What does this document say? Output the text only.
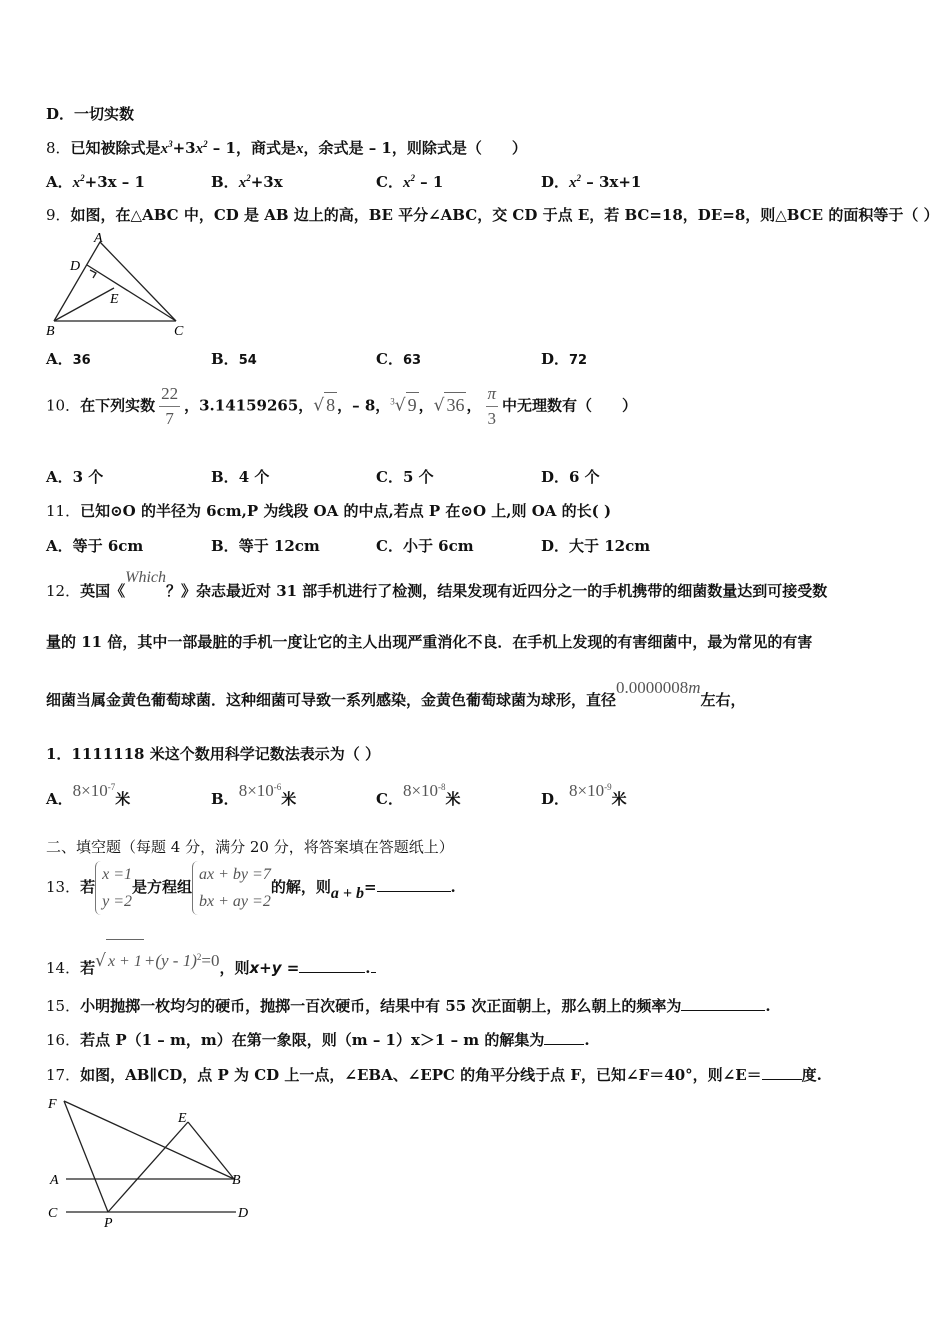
D．一切实数
8．已知被除式是$x^3+3x^2 - 1$，商式是x，余式是 – 1，则除式是（　　）
A．$x^2+3x - 1$	B．$x^2+3x$	C．$x^2 - 1$	D．$x^2 - 3x+1$
9．如图，在△ABC 中，CD 是 AB 边上的高，BE 平分∠ABC，交 CD 于点 E，若 BC=18，DE=8，则△BCE 的面积等于（ ）
A
D
E
B	C
A．36	B．54	C．63	D．72
10．在下列实数 $\frac{22}{7}$ ，3.14159265，√ 8 ，– 8，$^3$√ 9 ，√ 36 ， $\frac{\pi}{3}$ 中无理数有（　　）
A．3 个	B．4 个	C．5 个	D．6 个
11．已知⊙O 的半径为 6cm,P 为线段 OA 的中点,若点 P 在⊙O 上,则 OA 的长( )
A．等于 6cm	B．等于 12cm	C．小于 6cm	D．大于 12cm
12．英国《Which？》杂志最近对 31 部手机进行了检测，结果发现有近四分之一的手机携带的细菌数量达到可接受数
量的 11 倍，其中一部最脏的手机一度让它的主人出现严重消化不良．在手机上发现的有害细菌中，最为常见的有害
细菌当属金黄色葡萄球菌．这种细菌可导致一系列感染，金黄色葡萄球菌为球形，直径0.0000008m左右，
1．1111118 米这个数用科学记数法表示为（ ）
A．$8\times 10^{-7}$米	B．$8\times 10^{-6}$米	C．$8\times 10^{-8}$米	D．$8\times 10^{-9}$米
二、填空题（每题 4 分，满分 20 分，将答案填在答题纸上）
13．若
x =1
y =2
是方程组
ax + by =7
bx + ay =2
的解，则a + b=	.
14．若√ x + 1 +(y - 1)$^2$=0，则x+y =	.
15．小明抛掷一枚均匀的硬币，抛掷一百次硬币，结果中有 55 次正面朝上，那么朝上的频率为	.
16．若点 P（1 – m，m）在第一象限，则（m – 1）x＞1 – m 的解集为	.
17．如图，AB∥CD，点 P 为 CD 上一点，∠EBA、∠EPC 的角平分线于点 F，已知∠F＝40°，则∠E＝	度.
F
E
A	B
C
P
D
